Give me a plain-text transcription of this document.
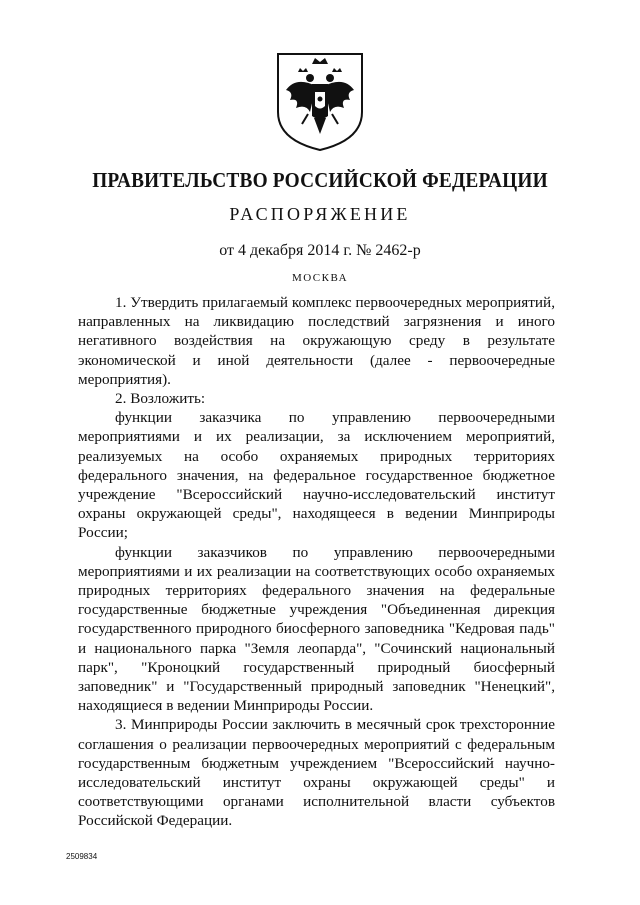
ПРАВИТЕЛЬСТВО РОССИЙСКОЙ ФЕДЕРАЦИИ
РАСПОРЯЖЕНИЕ
от 4 декабря 2014 г. № 2462-р
МОСКВА

1. Утвердить прилагаемый комплекс первоочередных мероприятий, направленных на ликвидацию последствий загрязнения и иного негативного воздействия на окружающую среду в результате экономической и иной деятельности (далее - первоочередные мероприятия).

2. Возложить:

функции заказчика по управлению первоочередными мероприятиями и их реализации, за исключением мероприятий, реализуемых на особо охраняемых природных территориях федерального значения, на федеральное государственное бюджетное учреждение "Всероссийский научно-исследовательский институт охраны окружающей среды", находящееся в ведении Минприроды России;

функции заказчиков по управлению первоочередными мероприятиями и их реализации на соответствующих особо охраняемых природных территориях федерального значения на федеральные государственные бюджетные учреждения "Объединенная дирекция государственного природного биосферного заповедника "Кедровая падь" и национального парка "Земля леопарда", "Сочинский национальный парк", "Кроноцкий государственный природный биосферный заповедник" и "Государственный природный заповедник "Ненецкий", находящиеся в ведении Минприроды России.

3. Минприроды России заключить в месячный срок трехсторонние соглашения о реализации первоочередных мероприятий с федеральным государственным бюджетным учреждением "Всероссийский научно-исследовательский институт охраны окружающей среды" и соответствующими органами исполнительной власти субъектов Российской Федерации.

2509834
